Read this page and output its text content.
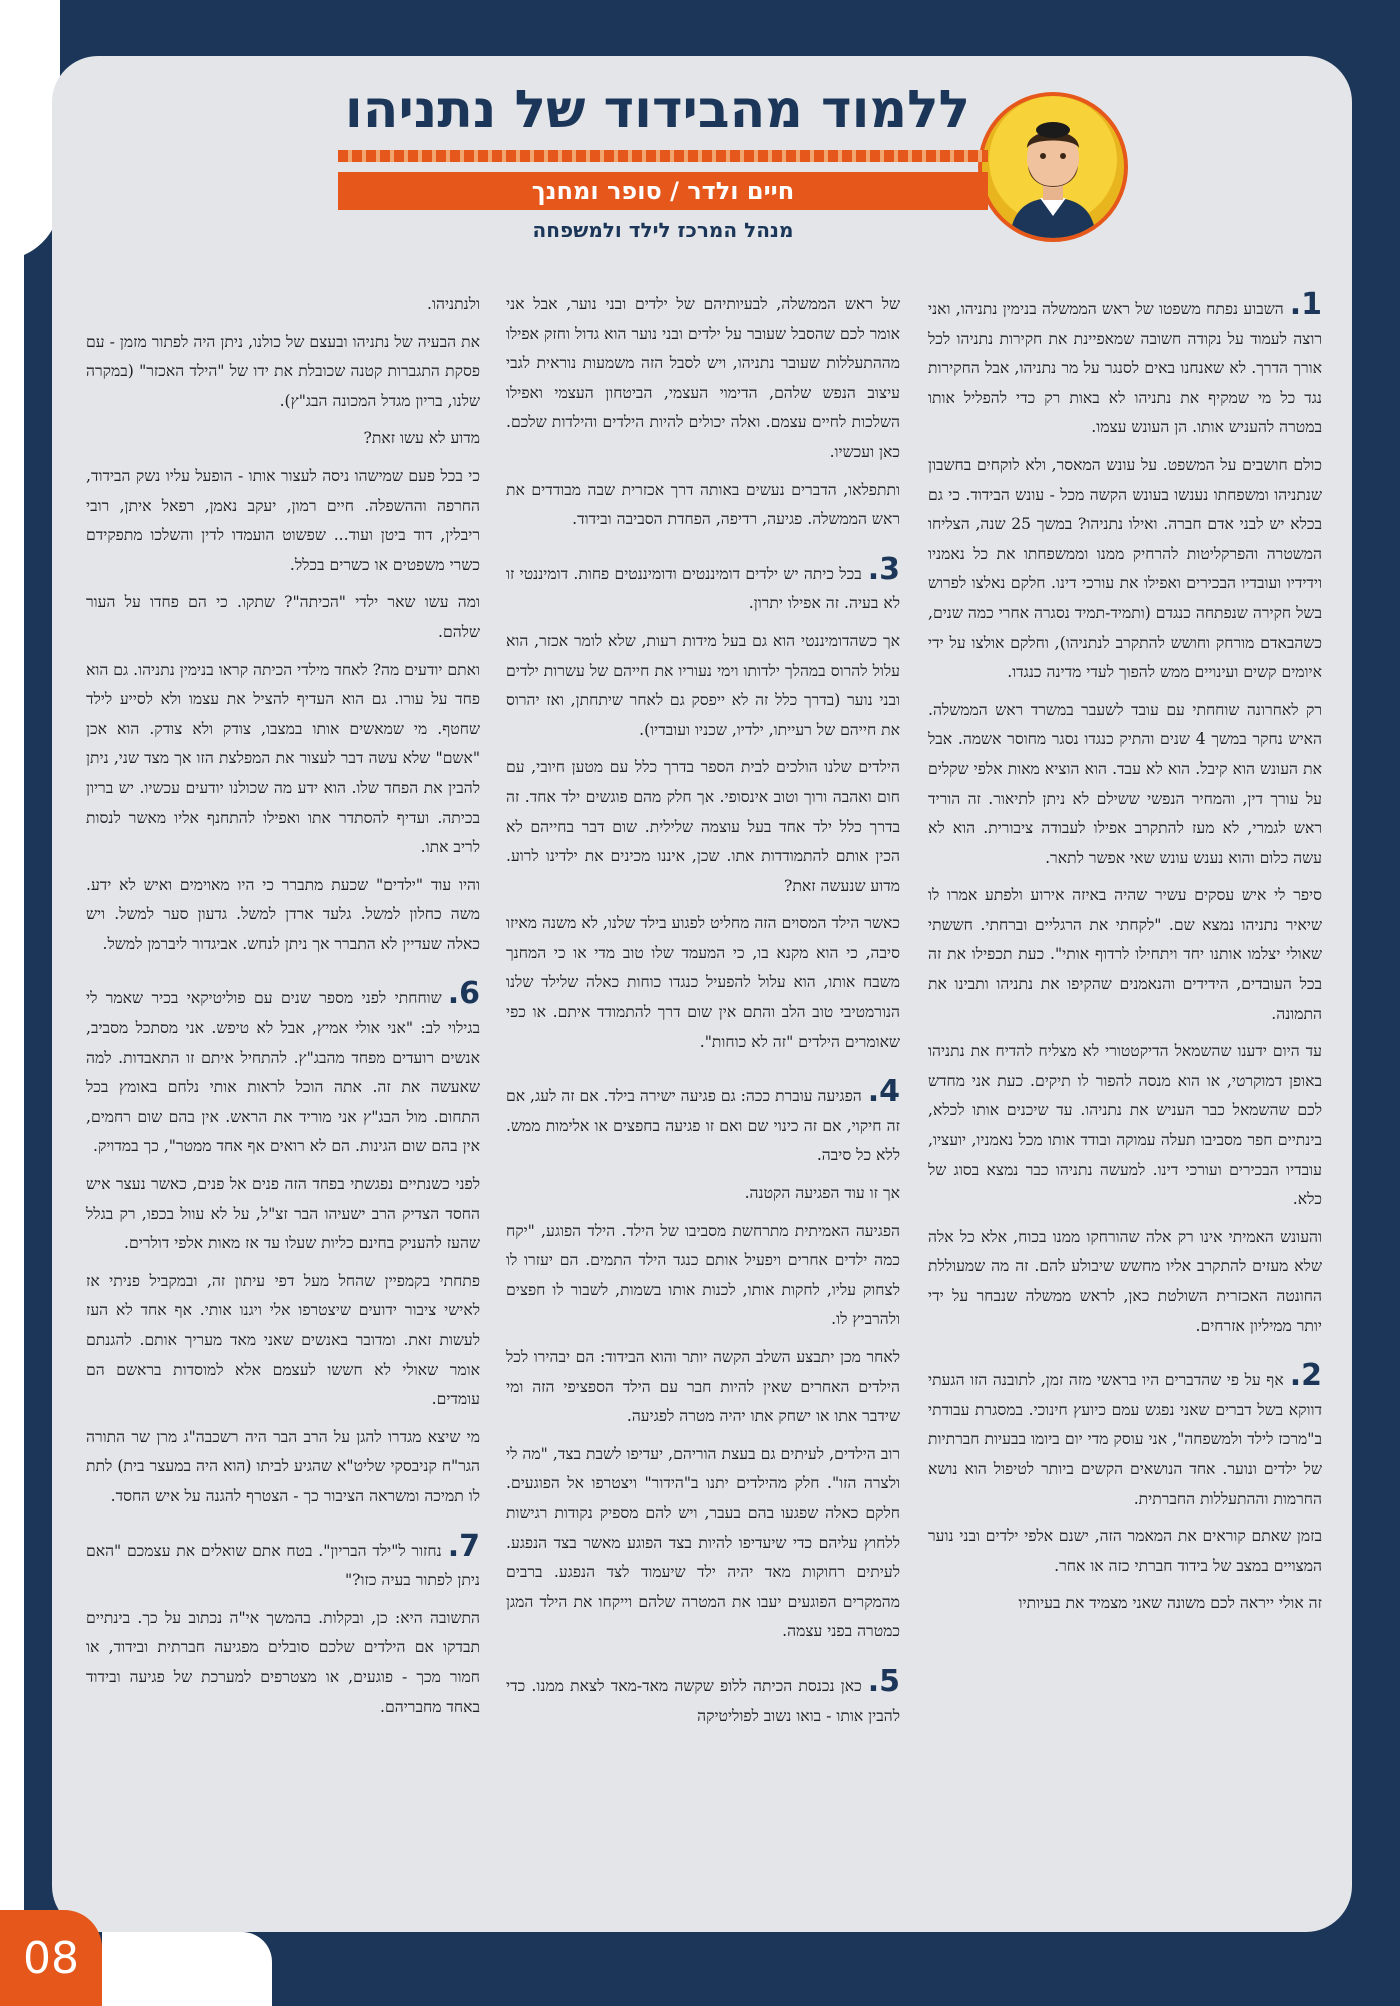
ללמוד מהבידוד של נתניהו
חיים ולדר / סופר ומחנך
מנהל המרכז לילד ולמשפחה

1.השבוע נפתח משפטו של ראש הממשלה בנימין נתניהו, ואני רוצה לעמוד על נקודה חשובה שמאפיינת את חקירות נתניהו לכל אורך הדרך. לא שאנחנו באים לסנגר על מר נתניהו, אבל החקירות נגד כל מי שמקיף את נתניהו לא באות רק כדי להפליל אותו במטרה להעניש אותו. הן העונש עצמו.

כולם חושבים על המשפט. על עונש המאסר, ולא לוקחים בחשבון שנתניהו ומשפחתו נענשו בעונש הקשה מכל - עונש הבידוד. כי גם בכלא יש לבני אדם חברה. ואילו נתניהו? במשך 25 שנה, הצליחו המשטרה והפרקליטות להרחיק ממנו וממשפחתו את כל נאמניו וידידיו ועובדיו הבכירים ואפילו את עורכי דינו. חלקם נאלצו לפרוש בשל חקירה שנפתחה כנגדם (ותמיד-תמיד נסגרה אחרי כמה שנים, כשהבאדם מורחק וחושש להתקרב לנתניהו), וחלקם אולצו על ידי איומים קשים ועינויים ממש להפוך לעדי מדינה כנגדו.

רק לאחרונה שוחחתי עם עובד לשעבר במשרד ראש הממשלה. האיש נחקר במשך 4 שנים והתיק כנגדו נסגר מחוסר אשמה. אבל את העונש הוא קיבל. הוא לא עבד. הוא הוציא מאות אלפי שקלים על עורך דין, והמחיר הנפשי ששילם לא ניתן לתיאור. זה הוריד ראש לגמרי, לא מעז להתקרב אפילו לעבודה ציבורית. הוא לא עשה כלום והוא נענש עונש שאי אפשר לתאר.

סיפר לי איש עסקים עשיר שהיה באיזה אירוע ולפתע אמרו לו שיאיר נתניהו נמצא שם. "לקחתי את הרגליים וברחתי. חששתי שאולי יצלמו אותנו יחד ויתחילו לרדוף אותי". כעת תכפילו את זה בכל העובדים, הידידים והנאמנים שהקיפו את נתניהו ותבינו את התמונה.

עד היום ידענו שהשמאל הדיקטטורי לא מצליח להדיח את נתניהו באופן דמוקרטי, או הוא מנסה להפור לו תיקים. כעת אני מחדש לכם שהשמאל כבר העניש את נתניהו. עד שיכנים אותו לכלא, בינתיים חפר מסביבו תעלה עמוקה ובודד אותו מכל נאמניו, יועציו, עובדיו הבכירים ועורכי דינו. למעשה נתניהו כבר נמצא בסוג של כלא.

והעונש האמיתי אינו רק אלה שהורחקו ממנו בכוח, אלא כל אלה שלא מעזים להתקרב אליו מחשש שיבולע להם. זה מה שמעוללת החונטה האכזרית השולטת כאן, לראש ממשלה שנבחר על ידי יותר ממיליון אזרחים.

2.אף על פי שהדברים היו בראשי מזה זמן, לתובנה הזו הגעתי דווקא בשל דברים שאני נפגש עמם כיועץ חינוכי. במסגרת עבודתי ב"מרכז לילד ולמשפחה", אני עוסק מדי יום ביומו בבעיות חברתיות של ילדים ונוער. אחד הנושאים הקשים ביותר לטיפול הוא נושא החרמות וההתעללות החברתית.

בזמן שאתם קוראים את המאמר הזה, ישנם אלפי ילדים ובני נוער המצויים במצב של בידוד חברתי כזה או אחר.

זה אולי ייראה לכם משונה שאני מצמיד את בעיותיו

של ראש הממשלה, לבעיותיהם של ילדים ובני נוער, אבל אני אומר לכם שהסבל שעובר על ילדים ובני נוער הוא גדול וחזק אפילו מההתעללות שעובר נתניהו, ויש לסבל הזה משמעות נוראית לגבי עיצוב הנפש שלהם, הדימוי העצמי, הביטחון העצמי ואפילו השלכות לחיים עצמם. ואלה יכולים להיות הילדים והילדות שלכם. כאן ועכשיו.

ותתפלאו, הדברים נעשים באותה דרך אכזרית שבה מבודדים את ראש הממשלה. פגיעה, רדיפה, הפחדת הסביבה ובידוד.

3.בכל כיתה יש ילדים דומיננטים ודומיננטים פחות. דומיננטי זו לא בעיה. זה אפילו יתרון.

אך כשהדומיננטי הוא גם בעל מידות רעות, שלא לומר אכזר, הוא עלול להרוס במהלך ילדותו וימי נעוריו את חייהם של עשרות ילדים ובני נוער (בדרך כלל זה לא ייפסק גם לאחר שיתחתן, ואז יהרוס את חייהם של רעייתו, ילדיו, שכניו ועובדיו).

הילדים שלנו הולכים לבית הספר בדרך כלל עם מטען חיובי, עם חום ואהבה ורוך וטוב אינסופי. אך חלק מהם פוגשים ילד אחד. זה בדרך כלל ילד אחד בעל עוצמה שלילית. שום דבר בחייהם לא הכין אותם להתמודדות אתו. שכן, איננו מכינים את ילדינו לרוע. מדוע שנעשה זאת?

כאשר הילד המסוים הזה מחליט לפגוע בילד שלנו, לא משנה מאיזו סיבה, כי הוא מקנא בו, כי המעמד שלו טוב מדי או כי המחנך משבח אותו, הוא עלול להפעיל כנגדו כוחות כאלה שלילד שלנו הנורמטיבי טוב הלב והתם אין שום דרך להתמודד איתם. או כפי שאומרים הילדים "זה לא כוחות".

4.הפגיעה עוברת ככה: גם פגיעה ישירה בילד. אם זה לעג, אם זה חיקוי, אם זה כינוי שם ואם זו פגיעה בחפצים או אלימות ממש. ללא כל סיבה.

אך זו עוד הפגיעה הקטנה.

הפגיעה האמיתית מתרחשת מסביבו של הילד. הילד הפוגע, "יקח כמה ילדים אחרים ויפעיל אותם כנגד הילד התמים. הם יעזרו לו לצחוק עליו, לחקות אותו, לכנות אותו בשמות, לשבור לו חפצים ולהרביץ לו.

לאחר מכן יתבצע השלב הקשה יותר והוא הבידוד: הם יבהירו לכל הילדים האחרים שאין להיות חבר עם הילד הספציפי הזה ומי שידבר אתו או ישחק אתו יהיה מטרה לפגיעה.

רוב הילדים, לעיתים גם בעצת הוריהם, יעדיפו לשבת בצד, "מה לי ולצרה הזו". חלק מהילדים יתנו ב"הידור" ויצטרפו אל הפוגעים. חלקם כאלה שפגעו בהם בעבר, ויש להם מספיק נקודות רגישות ללחוץ עליהם כדי שיעדיפו להיות בצד הפוגע מאשר בצד הנפגע. לעיתים רחוקות מאד יהיה ילד שיעמוד לצד הנפגע. ברבים מהמקרים הפוגעים יעבו את המטרה שלהם וייקחו את הילד המגן כמטרה בפני עצמה.

5.כאן נכנסת הכיתה ללופ שקשה מאד-מאד לצאת ממנו. כדי להבין אותו - בואו נשוב לפוליטיקה

ולנתניהו.

את הבעיה של נתניהו ובעצם של כולנו, ניתן היה לפתור מזמן - עם פסקת התגברות קטנה שכובלת את ידו של "הילד האכזר" (במקרה שלנו, בריון מגדל המכונה הבג"ץ).

מדוע לא עשו זאת?

כי בכל פעם שמישהו ניסה לעצור אותו - הופעל עליו נשק הבידוד, החרפה וההשפלה. חיים רמון, יעקב נאמן, רפאל איתן, רובי ריבלין, דוד ביטן ועוד... שפשוט הועמדו לדין והשלכו מתפקידם כשרי משפטים או כשרים בכלל.

ומה עשו שאר ילדי "הכיתה"? שתקו. כי הם פחדו על העור שלהם.

ואתם יודעים מה? לאחד מילדי הכיתה קראו בנימין נתניהו. גם הוא פחד על עורו. גם הוא העדיף להציל את עצמו ולא לסייע לילד שחטף. מי שמאשים אותו במצבו, צודק ולא צודק. הוא אכן "אשם" שלא עשה דבר לעצור את המפלצת הזו אך מצד שני, ניתן להבין את הפחד שלו. הוא ידע מה שכולנו יודעים עכשיו. יש בריון בכיתה. ועדיף להסתדר אתו ואפילו להתחנף אליו מאשר לנסות לריב אתו.

והיו עוד "ילדים" שכעת מתברר כי היו מאוימים ואיש לא ידע. משה כחלון למשל. גלעד ארדן למשל. גדעון סער למשל. ויש כאלה שעדיין לא התברר אך ניתן לנחש. אביגדור ליברמן למשל.

6.שוחחתי לפני מספר שנים עם פוליטיקאי בכיר שאמר לי בגילוי לב: "אני אולי אמיץ, אבל לא טיפש. אני מסתכל מסביב, אנשים רועדים מפחד מהבג"ץ. להתחיל איתם זו התאבדות. למה שאעשה את זה. אתה הוכל לראות אותי נלחם באומץ בכל התחום. מול הבג"ץ אני מוריד את הראש. אין בהם שום רחמים, אין בהם שום הגינות. הם לא רואים אף אחד ממטר", כך במדויק.

לפני כשנתיים נפגשתי בפחד הזה פנים אל פנים, כאשר נעצר איש החסד הצדיק הרב ישעיהו הבר זצ"ל, על לא עוול בכפו, רק בגלל שהעז להעניק בחינם כליות שעלו עד אז מאות אלפי דולרים.

פתחתי בקמפיין שהחל מעל דפי עיתון זה, ובמקביל פניתי אז לאישי ציבור ידועים שיצטרפו אלי ויגנו אותי. אף אחד לא העז לעשות זאת. ומדובר באנשים שאני מאד מעריך אותם. להגנתם אומר שאולי לא חששו לעצמם אלא למוסדות בראשם הם עומדים.

מי שיצא מגדרו להגן על הרב הבר היה רשכבה"ג מרן שר התורה הגר"ח קניבסקי שליט"א שהגיע לביתו (הוא היה במעצר בית) לתת לו תמיכה ומשראה הציבור כך - הצטרף להגנה על איש החסד.

7.נחזור ל"ילד הבריון". בטח אתם שואלים את עצמכם "האם ניתן לפתור בעיה כזו?"

התשובה היא: כן, ובקלות. בהמשך אי"ה נכתוב על כך. בינתיים תבדקו אם הילדים שלכם סובלים מפגיעה חברתית ובידוד, או חמור מכך - פוגעים, או מצטרפים למערכת של פגיעה ובידוד באחד מחבריהם.

08
